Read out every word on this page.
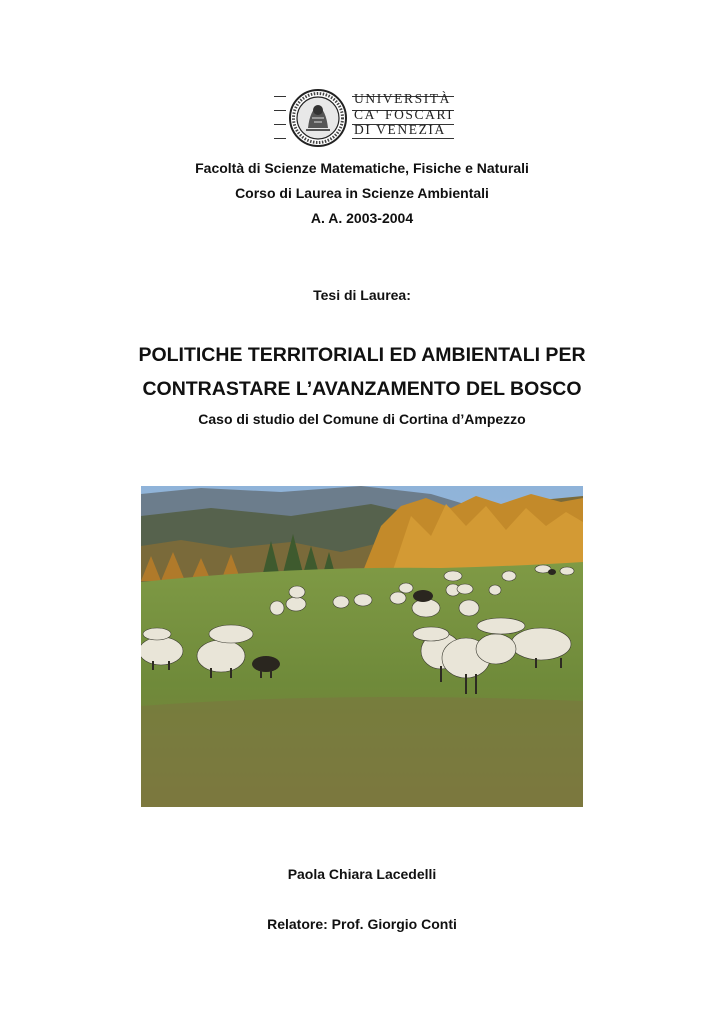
UNIVERSITÀ
CA' FOSCARI
DI VENEZIA
Facoltà di Scienze Matematiche, Fisiche e Naturali
Corso di Laurea in Scienze Ambientali
A. A. 2003-2004
Tesi di Laurea:
POLITICHE TERRITORIALI ED AMBIENTALI PER
CONTRASTARE L’AVANZAMENTO DEL BOSCO
Caso di studio del Comune di Cortina d’Ampezzo
Paola Chiara Lacedelli
Relatore: Prof. Giorgio Conti
